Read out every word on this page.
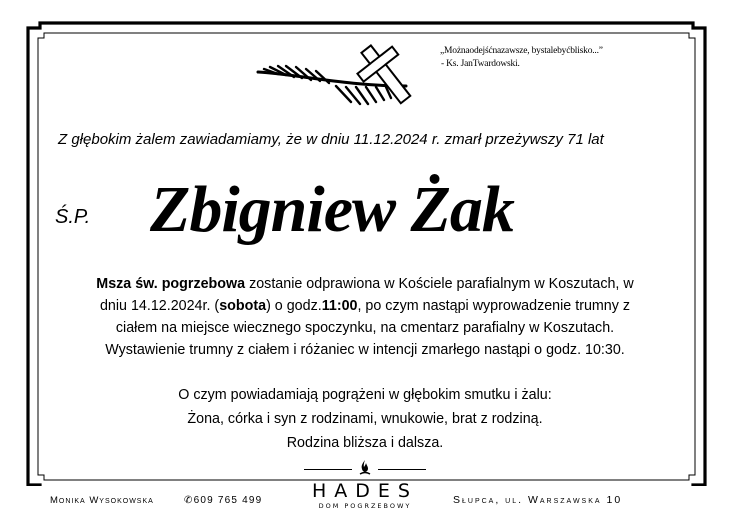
„Możnaodejśćnazawsze, bystalebyćblisko...”
- Ks. JanTwardowski.
Z głębokim żalem zawiadamiamy, że w dniu 11.12.2024 r. zmarł przeżywszy 71 lat
Ś.P. Zbigniew Żak
Msza św. pogrzebowa zostanie odprawiona w Kościele parafialnym w Koszutach, w
dniu 14.12.2024r. (sobota) o godz.11:00, po czym nastąpi wyprowadzenie trumny z
ciałem na miejsce wiecznego spoczynku, na cmentarz parafialny w Koszutach.
Wystawienie trumny z ciałem i różaniec w intencji zmarłego nastąpi o godz. 10:30.
O czym powiadamiają pogrążeni w głębokim smutku i żalu:
Żona, córka i syn z rodzinami, wnukowie, brat z rodziną.
Rodzina bliższa i dalsza.
Monika Wysokowska	✆609 765 499	HADES
DOM POGRZEBOWY	Słupca, ul. Warszawska 10
